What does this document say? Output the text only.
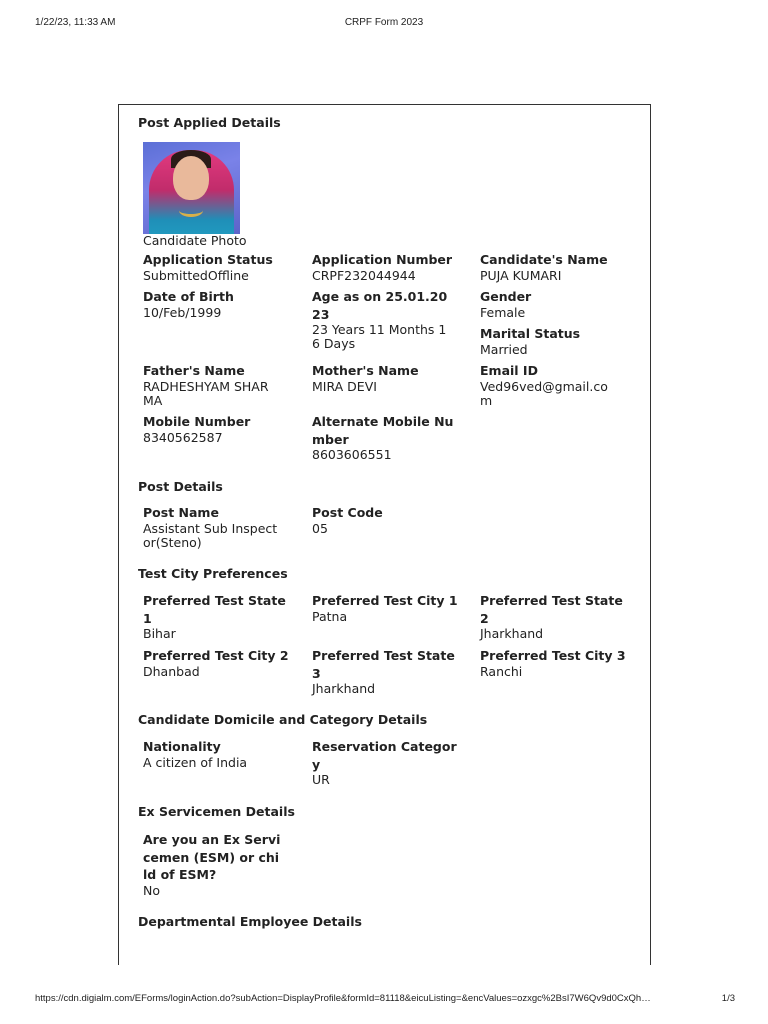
1/22/23, 11:33 AM	CRPF Form 2023
Post Applied Details
Candidate Photo
Application Status
SubmittedOffline
Application Number
CRPF232044944
Candidate's Name
PUJA KUMARI
Date of Birth
10/Feb/1999
Age as on 25.01.2023
23 Years 11 Months 16 Days
Gender
Female
Marital Status
Married
Father's Name
RADHESHYAM SHARMA
Mother's Name
MIRA DEVI
Email ID
Ved96ved@gmail.com
Mobile Number
8340562587
Alternate Mobile Number
8603606551
Post Details
Post Name
Assistant Sub Inspector(Steno)
Post Code
05
Test City Preferences
Preferred Test State 1
Bihar
Preferred Test City 1
Patna
Preferred Test State 2
Jharkhand
Preferred Test City 2
Dhanbad
Preferred Test State 3
Jharkhand
Preferred Test City 3
Ranchi
Candidate Domicile and Category Details
Nationality
A citizen of India
Reservation Category
UR
Ex Servicemen Details
Are you an Ex Servicemen (ESM) or child of ESM?
No
Departmental Employee Details
https://cdn.digialm.com/EForms/loginAction.do?subAction=DisplayProfile&formId=81118&eicuListing=&encValues=ozxgc%2BsI7W6Qv9d0CxQh…	1/3
